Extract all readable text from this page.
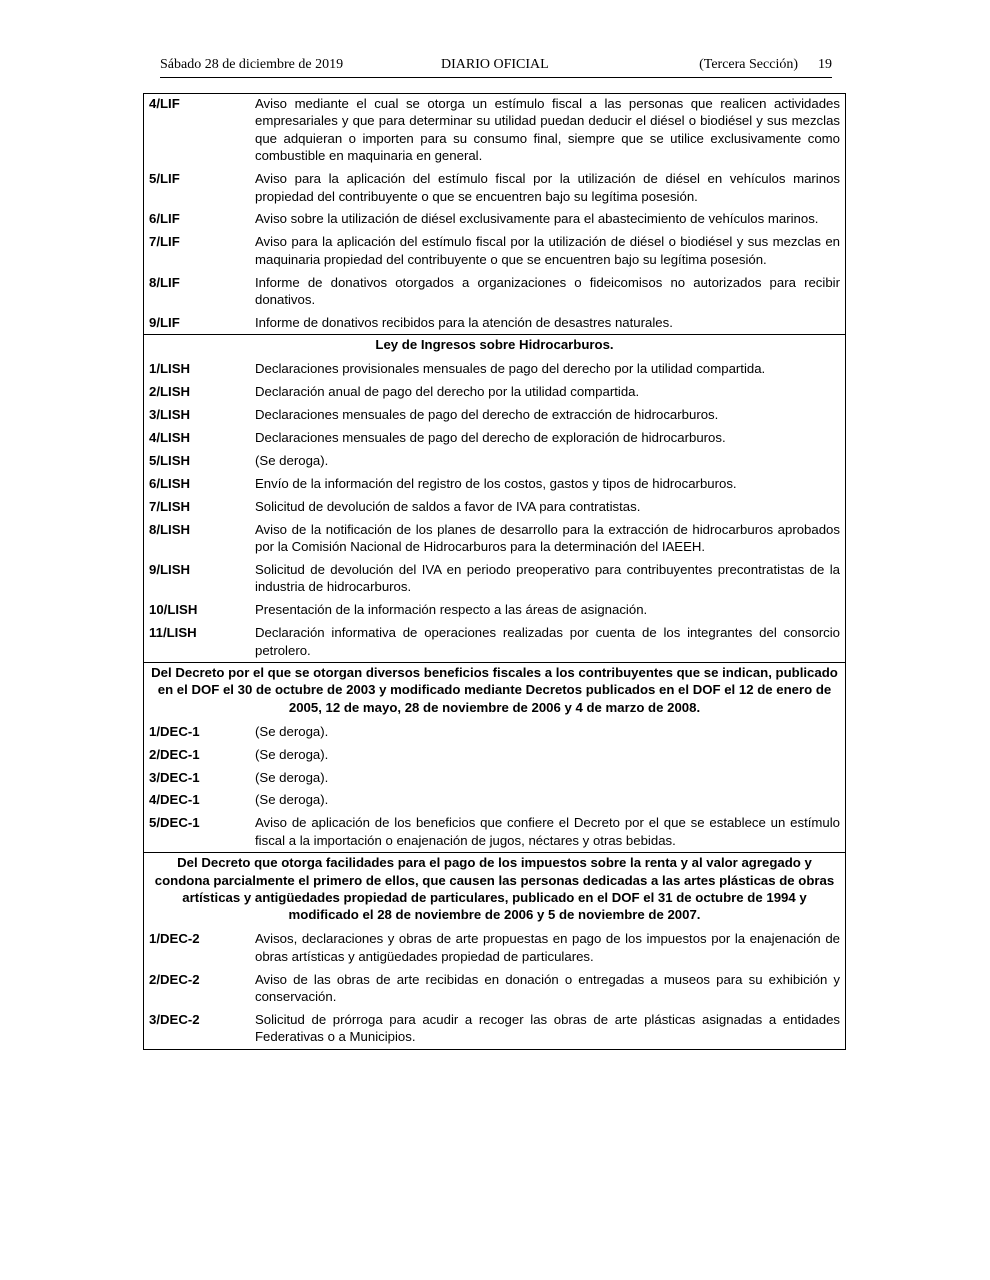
Sábado 28 de diciembre de 2019	DIARIO OFICIAL	(Tercera Sección) 19
4/LIF	Aviso mediante el cual se otorga un estímulo fiscal a las personas que realicen actividades empresariales y que para determinar su utilidad puedan deducir el diésel o biodiésel y sus mezclas que adquieran o importen para su consumo final, siempre que se utilice exclusivamente como combustible en maquinaria en general.
5/LIF	Aviso para la aplicación del estímulo fiscal por la utilización de diésel en vehículos marinos propiedad del contribuyente o que se encuentren bajo su legítima posesión.
6/LIF	Aviso sobre la utilización de diésel exclusivamente para el abastecimiento de vehículos marinos.
7/LIF	Aviso para la aplicación del estímulo fiscal por la utilización de diésel o biodiésel y sus mezclas en maquinaria propiedad del contribuyente o que se encuentren bajo su legítima posesión.
8/LIF	Informe de donativos otorgados a organizaciones o fideicomisos no autorizados para recibir donativos.
9/LIF	Informe de donativos recibidos para la atención de desastres naturales.
Ley de Ingresos sobre Hidrocarburos.
1/LISH	Declaraciones provisionales mensuales de pago del derecho por la utilidad compartida.
2/LISH	Declaración anual de pago del derecho por la utilidad compartida.
3/LISH	Declaraciones mensuales de pago del derecho de extracción de hidrocarburos.
4/LISH	Declaraciones mensuales de pago del derecho de exploración de hidrocarburos.
5/LISH	(Se deroga).
6/LISH	Envío de la información del registro de los costos, gastos y tipos de hidrocarburos.
7/LISH	Solicitud de devolución de saldos a favor de IVA para contratistas.
8/LISH	Aviso de la notificación de los planes de desarrollo para la extracción de hidrocarburos aprobados por la Comisión Nacional de Hidrocarburos para la determinación del IAEEH.
9/LISH	Solicitud de devolución del IVA en periodo preoperativo para contribuyentes precontratistas de la industria de hidrocarburos.
10/LISH	Presentación de la información respecto a las áreas de asignación.
11/LISH	Declaración informativa de operaciones realizadas por cuenta de los integrantes del consorcio petrolero.
Del Decreto por el que se otorgan diversos beneficios fiscales a los contribuyentes que se indican, publicado en el DOF el 30 de octubre de 2003 y modificado mediante Decretos publicados en el DOF el 12 de enero de 2005, 12 de mayo, 28 de noviembre de 2006 y 4 de marzo de 2008.
1/DEC-1	(Se deroga).
2/DEC-1	(Se deroga).
3/DEC-1	(Se deroga).
4/DEC-1	(Se deroga).
5/DEC-1	Aviso de aplicación de los beneficios que confiere el Decreto por el que se establece un estímulo fiscal a la importación o enajenación de jugos, néctares y otras bebidas.
Del Decreto que otorga facilidades para el pago de los impuestos sobre la renta y al valor agregado y condona parcialmente el primero de ellos, que causen las personas dedicadas a las artes plásticas de obras artísticas y antigüedades propiedad de particulares, publicado en el DOF el 31 de octubre de 1994 y modificado el 28 de noviembre de 2006 y 5 de noviembre de 2007.
1/DEC-2	Avisos, declaraciones y obras de arte propuestas en pago de los impuestos por la enajenación de obras artísticas y antigüedades propiedad de particulares.
2/DEC-2	Aviso de las obras de arte recibidas en donación o entregadas a museos para su exhibición y conservación.
3/DEC-2	Solicitud de prórroga para acudir a recoger las obras de arte plásticas asignadas a entidades Federativas o a Municipios.
